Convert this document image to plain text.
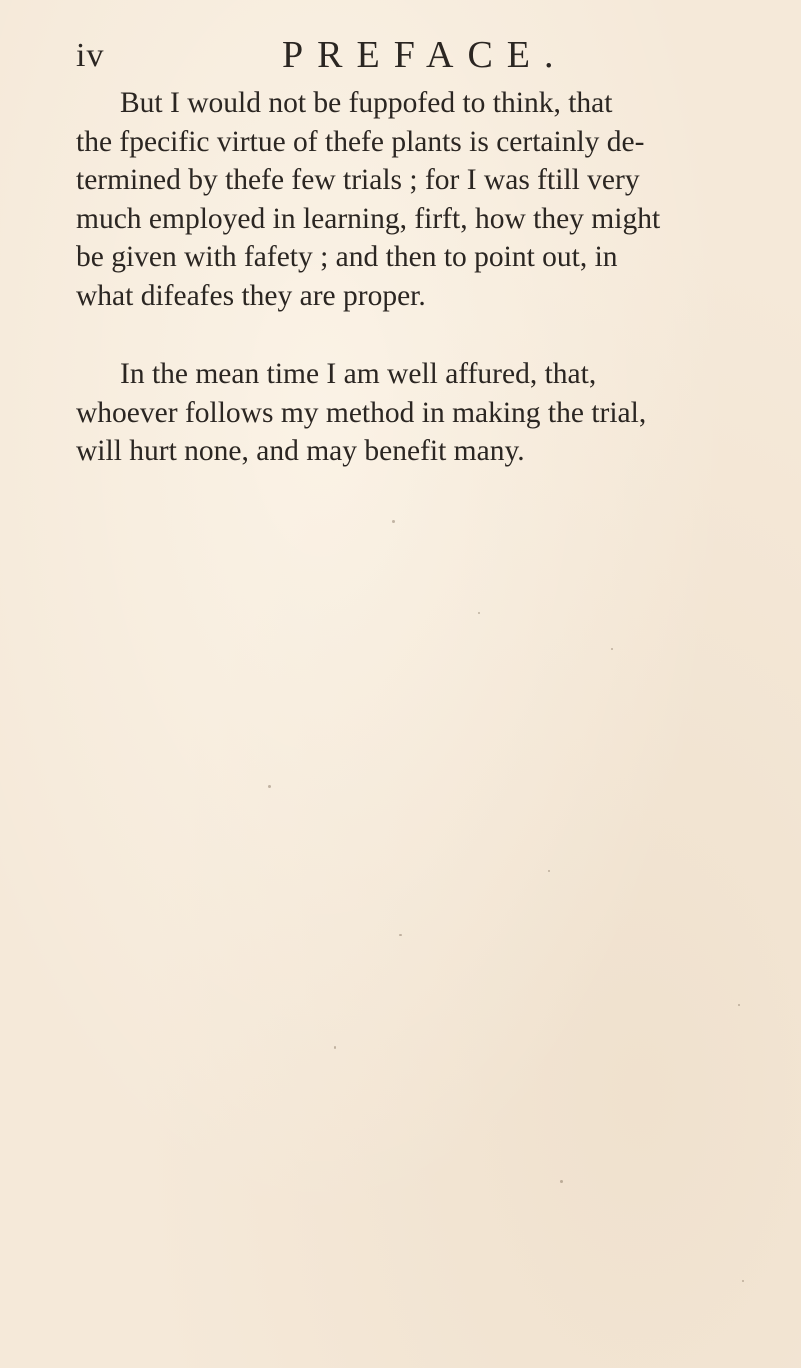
iv	PREFACE.

But I would not be fuppofed to think, that
the fpecific virtue of thefe plants is certainly de-
termined by thefe few trials ; for I was ftill very
much employed in learning, firft, how they might
be given with fafety ; and then to point out, in
what difeafes they are proper.

In the mean time I am well affured, that,
whoever follows my method in making the trial,
will hurt none, and may benefit many.
